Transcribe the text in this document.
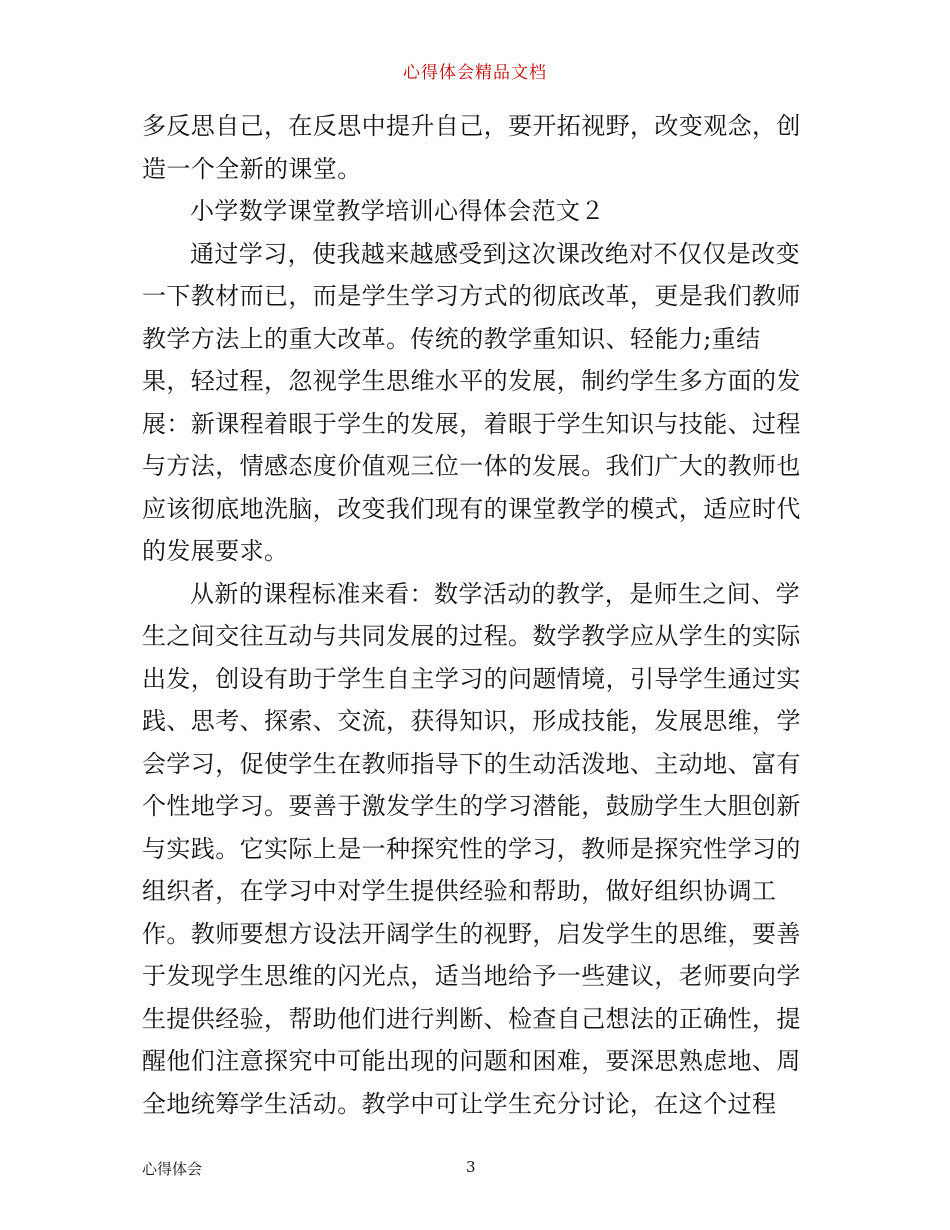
心得体会精品文档
多反思自己，在反思中提升自己，要开拓视野，改变观念，创
造一个全新的课堂。
小学数学课堂教学培训心得体会范文２
通过学习，使我越来越感受到这次课改绝对不仅仅是改变
一下教材而已，而是学生学习方式的彻底改革，更是我们教师
教学方法上的重大改革。传统的教学重知识、轻能力;重结
果，轻过程，忽视学生思维水平的发展，制约学生多方面的发
展：新课程着眼于学生的发展，着眼于学生知识与技能、过程
与方法，情感态度价值观三位一体的发展。我们广大的教师也
应该彻底地洗脑，改变我们现有的课堂教学的模式，适应时代
的发展要求。
从新的课程标准来看：数学活动的教学，是师生之间、学
生之间交往互动与共同发展的过程。数学教学应从学生的实际
出发，创设有助于学生自主学习的问题情境，引导学生通过实
践、思考、探索、交流，获得知识，形成技能，发展思维，学
会学习，促使学生在教师指导下的生动活泼地、主动地、富有
个性地学习。要善于激发学生的学习潜能，鼓励学生大胆创新
与实践。它实际上是一种探究性的学习，教师是探究性学习的
组织者，在学习中对学生提供经验和帮助，做好组织协调工
作。教师要想方设法开阔学生的视野，启发学生的思维，要善
于发现学生思维的闪光点，适当地给予一些建议，老师要向学
生提供经验，帮助他们进行判断、检查自己想法的正确性，提
醒他们注意探究中可能出现的问题和困难，要深思熟虑地、周
全地统筹学生活动。教学中可让学生充分讨论，在这个过程
心得体会	3
